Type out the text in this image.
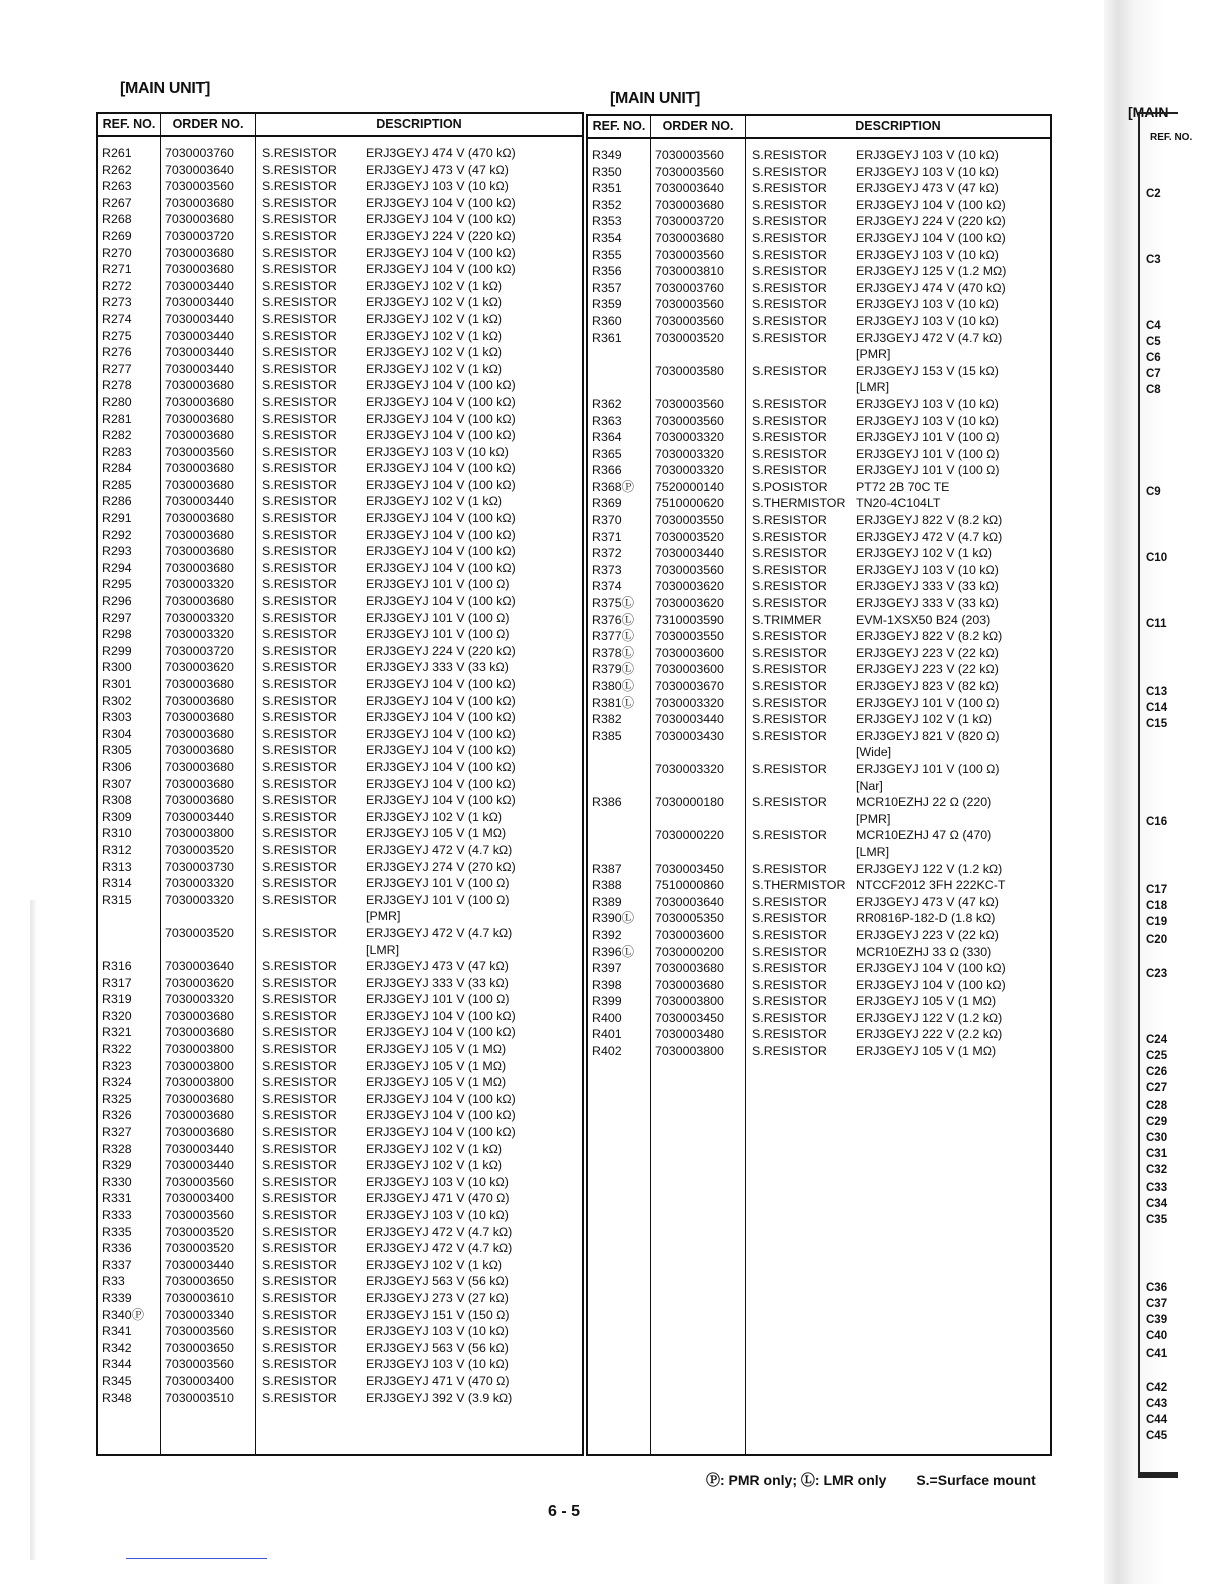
[MAIN UNIT]
REF. NO.	ORDER NO.	DESCRIPTION	
R261	7030003760	S.RESISTOR	ERJ3GEYJ 474 V (470 kΩ)
R262	7030003640	S.RESISTOR	ERJ3GEYJ 473 V (47 kΩ)
R263	7030003560	S.RESISTOR	ERJ3GEYJ 103 V (10 kΩ)
R267	7030003680	S.RESISTOR	ERJ3GEYJ 104 V (100 kΩ)
R268	7030003680	S.RESISTOR	ERJ3GEYJ 104 V (100 kΩ)
R269	7030003720	S.RESISTOR	ERJ3GEYJ 224 V (220 kΩ)
R270	7030003680	S.RESISTOR	ERJ3GEYJ 104 V (100 kΩ)
R271	7030003680	S.RESISTOR	ERJ3GEYJ 104 V (100 kΩ)
R272	7030003440	S.RESISTOR	ERJ3GEYJ 102 V (1 kΩ)
R273	7030003440	S.RESISTOR	ERJ3GEYJ 102 V (1 kΩ)
R274	7030003440	S.RESISTOR	ERJ3GEYJ 102 V (1 kΩ)
R275	7030003440	S.RESISTOR	ERJ3GEYJ 102 V (1 kΩ)
R276	7030003440	S.RESISTOR	ERJ3GEYJ 102 V (1 kΩ)
R277	7030003440	S.RESISTOR	ERJ3GEYJ 102 V (1 kΩ)
R278	7030003680	S.RESISTOR	ERJ3GEYJ 104 V (100 kΩ)
R280	7030003680	S.RESISTOR	ERJ3GEYJ 104 V (100 kΩ)
R281	7030003680	S.RESISTOR	ERJ3GEYJ 104 V (100 kΩ)
R282	7030003680	S.RESISTOR	ERJ3GEYJ 104 V (100 kΩ)
R283	7030003560	S.RESISTOR	ERJ3GEYJ 103 V (10 kΩ)
R284	7030003680	S.RESISTOR	ERJ3GEYJ 104 V (100 kΩ)
R285	7030003680	S.RESISTOR	ERJ3GEYJ 104 V (100 kΩ)
R286	7030003440	S.RESISTOR	ERJ3GEYJ 102 V (1 kΩ)
R291	7030003680	S.RESISTOR	ERJ3GEYJ 104 V (100 kΩ)
R292	7030003680	S.RESISTOR	ERJ3GEYJ 104 V (100 kΩ)
R293	7030003680	S.RESISTOR	ERJ3GEYJ 104 V (100 kΩ)
R294	7030003680	S.RESISTOR	ERJ3GEYJ 104 V (100 kΩ)
R295	7030003320	S.RESISTOR	ERJ3GEYJ 101 V (100 Ω)
R296	7030003680	S.RESISTOR	ERJ3GEYJ 104 V (100 kΩ)
R297	7030003320	S.RESISTOR	ERJ3GEYJ 101 V (100 Ω)
R298	7030003320	S.RESISTOR	ERJ3GEYJ 101 V (100 Ω)
R299	7030003720	S.RESISTOR	ERJ3GEYJ 224 V (220 kΩ)
R300	7030003620	S.RESISTOR	ERJ3GEYJ 333 V (33 kΩ)
R301	7030003680	S.RESISTOR	ERJ3GEYJ 104 V (100 kΩ)
R302	7030003680	S.RESISTOR	ERJ3GEYJ 104 V (100 kΩ)
R303	7030003680	S.RESISTOR	ERJ3GEYJ 104 V (100 kΩ)
R304	7030003680	S.RESISTOR	ERJ3GEYJ 104 V (100 kΩ)
R305	7030003680	S.RESISTOR	ERJ3GEYJ 104 V (100 kΩ)
R306	7030003680	S.RESISTOR	ERJ3GEYJ 104 V (100 kΩ)
R307	7030003680	S.RESISTOR	ERJ3GEYJ 104 V (100 kΩ)
R308	7030003680	S.RESISTOR	ERJ3GEYJ 104 V (100 kΩ)
R309	7030003440	S.RESISTOR	ERJ3GEYJ 102 V (1 kΩ)
R310	7030003800	S.RESISTOR	ERJ3GEYJ 105 V (1 MΩ)
R312	7030003520	S.RESISTOR	ERJ3GEYJ 472 V (4.7 kΩ)
R313	7030003730	S.RESISTOR	ERJ3GEYJ 274 V (270 kΩ)
R314	7030003320	S.RESISTOR	ERJ3GEYJ 101 V (100 Ω)
R315	7030003320	S.RESISTOR	ERJ3GEYJ 101 V (100 Ω)
			[PMR]
	7030003520	S.RESISTOR	ERJ3GEYJ 472 V (4.7 kΩ)
			[LMR]
R316	7030003640	S.RESISTOR	ERJ3GEYJ 473 V (47 kΩ)
R317	7030003620	S.RESISTOR	ERJ3GEYJ 333 V (33 kΩ)
R319	7030003320	S.RESISTOR	ERJ3GEYJ 101 V (100 Ω)
R320	7030003680	S.RESISTOR	ERJ3GEYJ 104 V (100 kΩ)
R321	7030003680	S.RESISTOR	ERJ3GEYJ 104 V (100 kΩ)
R322	7030003800	S.RESISTOR	ERJ3GEYJ 105 V (1 MΩ)
R323	7030003800	S.RESISTOR	ERJ3GEYJ 105 V (1 MΩ)
R324	7030003800	S.RESISTOR	ERJ3GEYJ 105 V (1 MΩ)
R325	7030003680	S.RESISTOR	ERJ3GEYJ 104 V (100 kΩ)
R326	7030003680	S.RESISTOR	ERJ3GEYJ 104 V (100 kΩ)
R327	7030003680	S.RESISTOR	ERJ3GEYJ 104 V (100 kΩ)
R328	7030003440	S.RESISTOR	ERJ3GEYJ 102 V (1 kΩ)
R329	7030003440	S.RESISTOR	ERJ3GEYJ 102 V (1 kΩ)
R330	7030003560	S.RESISTOR	ERJ3GEYJ 103 V (10 kΩ)
R331	7030003400	S.RESISTOR	ERJ3GEYJ 471 V (470 Ω)
R333	7030003560	S.RESISTOR	ERJ3GEYJ 103 V (10 kΩ)
R335	7030003520	S.RESISTOR	ERJ3GEYJ 472 V (4.7 kΩ)
R336	7030003520	S.RESISTOR	ERJ3GEYJ 472 V (4.7 kΩ)
R337	7030003440	S.RESISTOR	ERJ3GEYJ 102 V (1 kΩ)
R33	7030003650	S.RESISTOR	ERJ3GEYJ 563 V (56 kΩ)
R339	7030003610	S.RESISTOR	ERJ3GEYJ 273 V (27 kΩ)
R340Ⓟ	7030003340	S.RESISTOR	ERJ3GEYJ 151 V (150 Ω)
R341	7030003560	S.RESISTOR	ERJ3GEYJ 103 V (10 kΩ)
R342	7030003650	S.RESISTOR	ERJ3GEYJ 563 V (56 kΩ)
R344	7030003560	S.RESISTOR	ERJ3GEYJ 103 V (10 kΩ)
R345	7030003400	S.RESISTOR	ERJ3GEYJ 471 V (470 Ω)
R348	7030003510	S.RESISTOR	ERJ3GEYJ 392 V (3.9 kΩ)

[MAIN UNIT]
REF. NO.	ORDER NO.	DESCRIPTION	
R349	7030003560	S.RESISTOR	ERJ3GEYJ 103 V (10 kΩ)
R350	7030003560	S.RESISTOR	ERJ3GEYJ 103 V (10 kΩ)
R351	7030003640	S.RESISTOR	ERJ3GEYJ 473 V (47 kΩ)
R352	7030003680	S.RESISTOR	ERJ3GEYJ 104 V (100 kΩ)
R353	7030003720	S.RESISTOR	ERJ3GEYJ 224 V (220 kΩ)
R354	7030003680	S.RESISTOR	ERJ3GEYJ 104 V (100 kΩ)
R355	7030003560	S.RESISTOR	ERJ3GEYJ 103 V (10 kΩ)
R356	7030003810	S.RESISTOR	ERJ3GEYJ 125 V (1.2 MΩ)
R357	7030003760	S.RESISTOR	ERJ3GEYJ 474 V (470 kΩ)
R359	7030003560	S.RESISTOR	ERJ3GEYJ 103 V (10 kΩ)
R360	7030003560	S.RESISTOR	ERJ3GEYJ 103 V (10 kΩ)
R361	7030003520	S.RESISTOR	ERJ3GEYJ 472 V (4.7 kΩ)
			[PMR]
	7030003580	S.RESISTOR	ERJ3GEYJ 153 V (15 kΩ)
			[LMR]
R362	7030003560	S.RESISTOR	ERJ3GEYJ 103 V (10 kΩ)
R363	7030003560	S.RESISTOR	ERJ3GEYJ 103 V (10 kΩ)
R364	7030003320	S.RESISTOR	ERJ3GEYJ 101 V (100 Ω)
R365	7030003320	S.RESISTOR	ERJ3GEYJ 101 V (100 Ω)
R366	7030003320	S.RESISTOR	ERJ3GEYJ 101 V (100 Ω)
R368Ⓟ	7520000140	S.POSISTOR	PT72 2B 70C TE
R369	7510000620	S.THERMISTOR	TN20-4C104LT
R370	7030003550	S.RESISTOR	ERJ3GEYJ 822 V (8.2 kΩ)
R371	7030003520	S.RESISTOR	ERJ3GEYJ 472 V (4.7 kΩ)
R372	7030003440	S.RESISTOR	ERJ3GEYJ 102 V (1 kΩ)
R373	7030003560	S.RESISTOR	ERJ3GEYJ 103 V (10 kΩ)
R374	7030003620	S.RESISTOR	ERJ3GEYJ 333 V (33 kΩ)
R375Ⓛ	7030003620	S.RESISTOR	ERJ3GEYJ 333 V (33 kΩ)
R376Ⓛ	7310003590	S.TRIMMER	EVM-1XSX50 B24 (203)
R377Ⓛ	7030003550	S.RESISTOR	ERJ3GEYJ 822 V (8.2 kΩ)
R378Ⓛ	7030003600	S.RESISTOR	ERJ3GEYJ 223 V (22 kΩ)
R379Ⓛ	7030003600	S.RESISTOR	ERJ3GEYJ 223 V (22 kΩ)
R380Ⓛ	7030003670	S.RESISTOR	ERJ3GEYJ 823 V (82 kΩ)
R381Ⓛ	7030003320	S.RESISTOR	ERJ3GEYJ 101 V (100 Ω)
R382	7030003440	S.RESISTOR	ERJ3GEYJ 102 V (1 kΩ)
R385	7030003430	S.RESISTOR	ERJ3GEYJ 821 V (820 Ω)
			[Wide]
	7030003320	S.RESISTOR	ERJ3GEYJ 101 V (100 Ω)
			[Nar]
R386	7030000180	S.RESISTOR	MCR10EZHJ 22 Ω (220)
			[PMR]
	7030000220	S.RESISTOR	MCR10EZHJ 47 Ω (470)
			[LMR]
R387	7030003450	S.RESISTOR	ERJ3GEYJ 122 V (1.2 kΩ)
R388	7510000860	S.THERMISTOR	NTCCF2012 3FH 222KC-T
R389	7030003640	S.RESISTOR	ERJ3GEYJ 473 V (47 kΩ)
R390Ⓛ	7030005350	S.RESISTOR	RR0816P-182-D (1.8 kΩ)
R392	7030003600	S.RESISTOR	ERJ3GEYJ 223 V (22 kΩ)
R396Ⓛ	7030000200	S.RESISTOR	MCR10EZHJ 33 Ω (330)
R397	7030003680	S.RESISTOR	ERJ3GEYJ 104 V (100 kΩ)
R398	7030003680	S.RESISTOR	ERJ3GEYJ 104 V (100 kΩ)
R399	7030003800	S.RESISTOR	ERJ3GEYJ 105 V (1 MΩ)
R400	7030003450	S.RESISTOR	ERJ3GEYJ 122 V (1.2 kΩ)
R401	7030003480	S.RESISTOR	ERJ3GEYJ 222 V (2.2 kΩ)
R402	7030003800	S.RESISTOR	ERJ3GEYJ 105 V (1 MΩ)

Ⓟ: PMR only; Ⓛ: LMR only S.=Surface mount
6 - 5
[MAIN
REF. NO.
C2
C3
C4
C5
C6
C7
C8
C9
C10
C11
C13
C14
C15
C16
C17
C18
C19
C20
C23
C24
C25
C26
C27
C28
C29
C30
C31
C32
C33
C34
C35
C36
C37
C39
C40
C41
C42
C43
C44
C45
